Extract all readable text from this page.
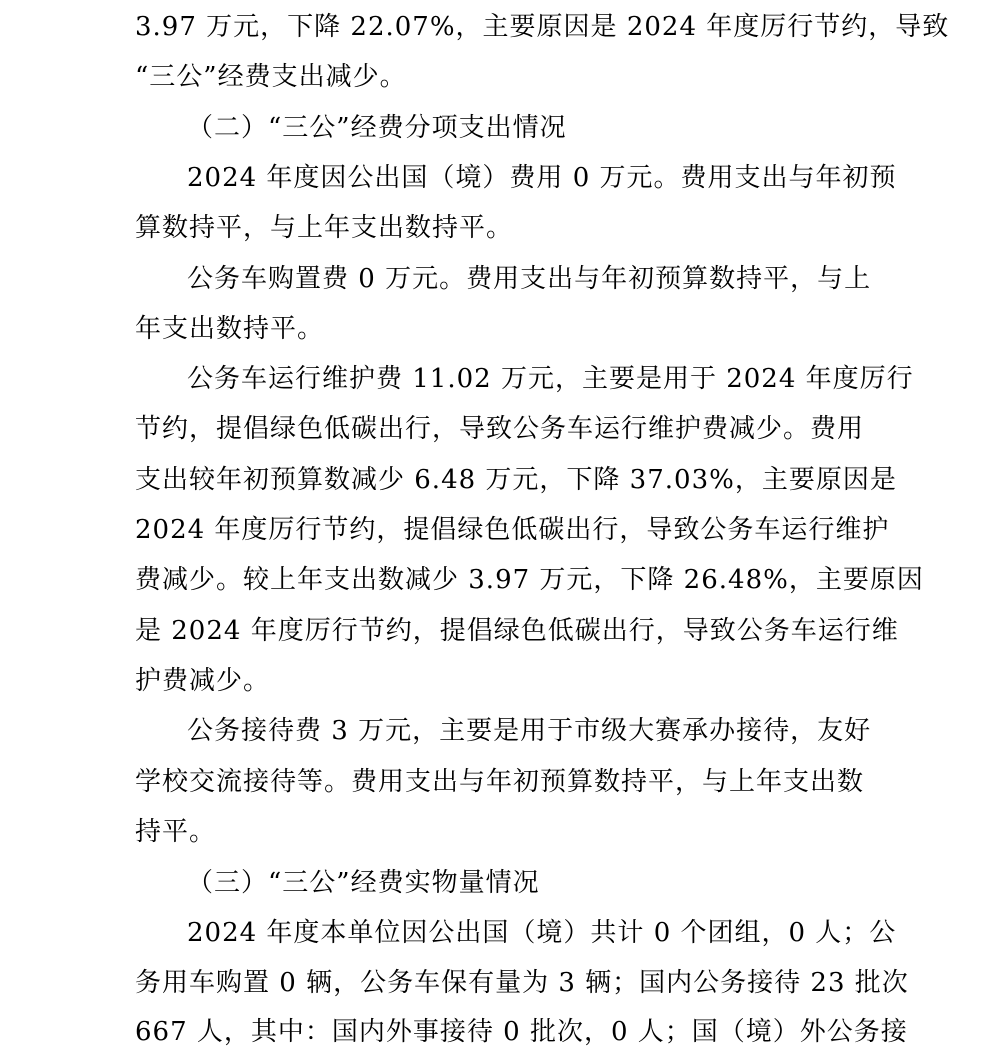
3.97 万元，下降 22.07%，主要原因是 2024 年度厉行节约，导致
“三公”经费支出减少。
（二）“三公”经费分项支出情况
2024 年度因公出国（境）费用 0 万元。费用支出与年初预
算数持平，与上年支出数持平。
公务车购置费 0 万元。费用支出与年初预算数持平，与上
年支出数持平。
公务车运行维护费 11.02 万元，主要是用于 2024 年度厉行
节约，提倡绿色低碳出行，导致公务车运行维护费减少。费用
支出较年初预算数减少 6.48 万元，下降 37.03%，主要原因是
2024 年度厉行节约，提倡绿色低碳出行，导致公务车运行维护
费减少。较上年支出数减少 3.97 万元，下降 26.48%，主要原因
是 2024 年度厉行节约，提倡绿色低碳出行，导致公务车运行维
护费减少。
公务接待费 3 万元，主要是用于市级大赛承办接待，友好
学校交流接待等。费用支出与年初预算数持平，与上年支出数
持平。
（三）“三公”经费实物量情况
2024 年度本单位因公出国（境）共计 0 个团组，0 人；公
务用车购置 0 辆，公务车保有量为 3 辆；国内公务接待 23 批次
667 人，其中：国内外事接待 0 批次，0 人；国（境）外公务接
